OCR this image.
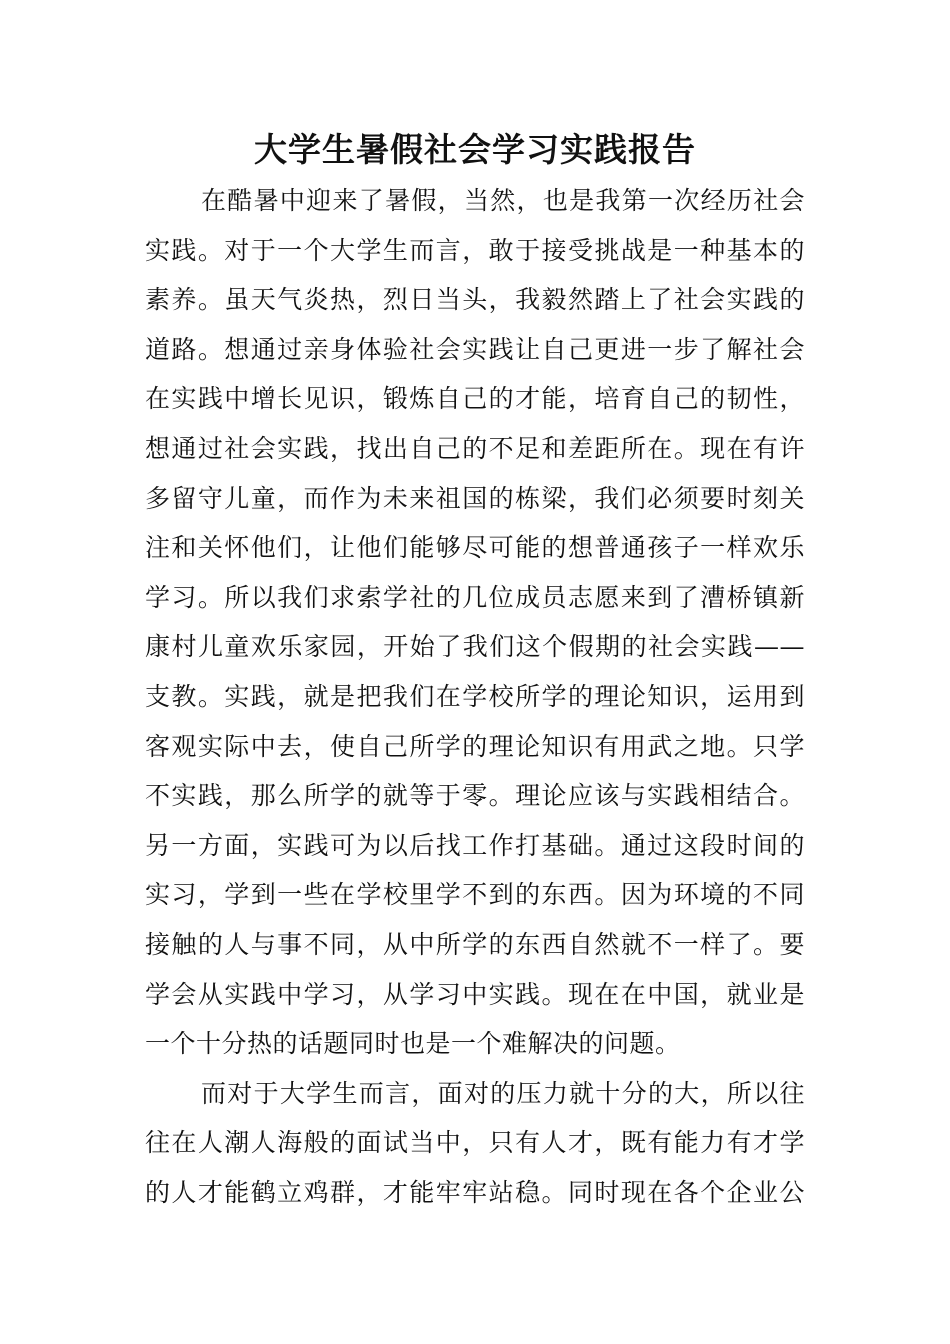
大学生暑假社会学习实践报告
在酷暑中迎来了暑假，当然，也是我第一次经历社会
实践。对于一个大学生而言，敢于接受挑战是一种基本的
素养。虽天气炎热，烈日当头，我毅然踏上了社会实践的
道路。想通过亲身体验社会实践让自己更进一步了解社会
在实践中增长见识，锻炼自己的才能，培育自己的韧性，
想通过社会实践，找出自己的不足和差距所在。现在有许
多留守儿童，而作为未来祖国的栋梁，我们必须要时刻关
注和关怀他们，让他们能够尽可能的想普通孩子一样欢乐
学习。所以我们求索学社的几位成员志愿来到了漕桥镇新
康村儿童欢乐家园，开始了我们这个假期的社会实践——
支教。实践，就是把我们在学校所学的理论知识，运用到
客观实际中去，使自己所学的理论知识有用武之地。只学
不实践，那么所学的就等于零。理论应该与实践相结合。
另一方面，实践可为以后找工作打基础。通过这段时间的
实习，学到一些在学校里学不到的东西。因为环境的不同
接触的人与事不同，从中所学的东西自然就不一样了。要
学会从实践中学习，从学习中实践。现在在中国，就业是
一个十分热的话题同时也是一个难解决的问题。
而对于大学生而言，面对的压力就十分的大，所以往
往在人潮人海般的面试当中，只有人才，既有能力有才学
的人才能鹤立鸡群，才能牢牢站稳。同时现在各个企业公
